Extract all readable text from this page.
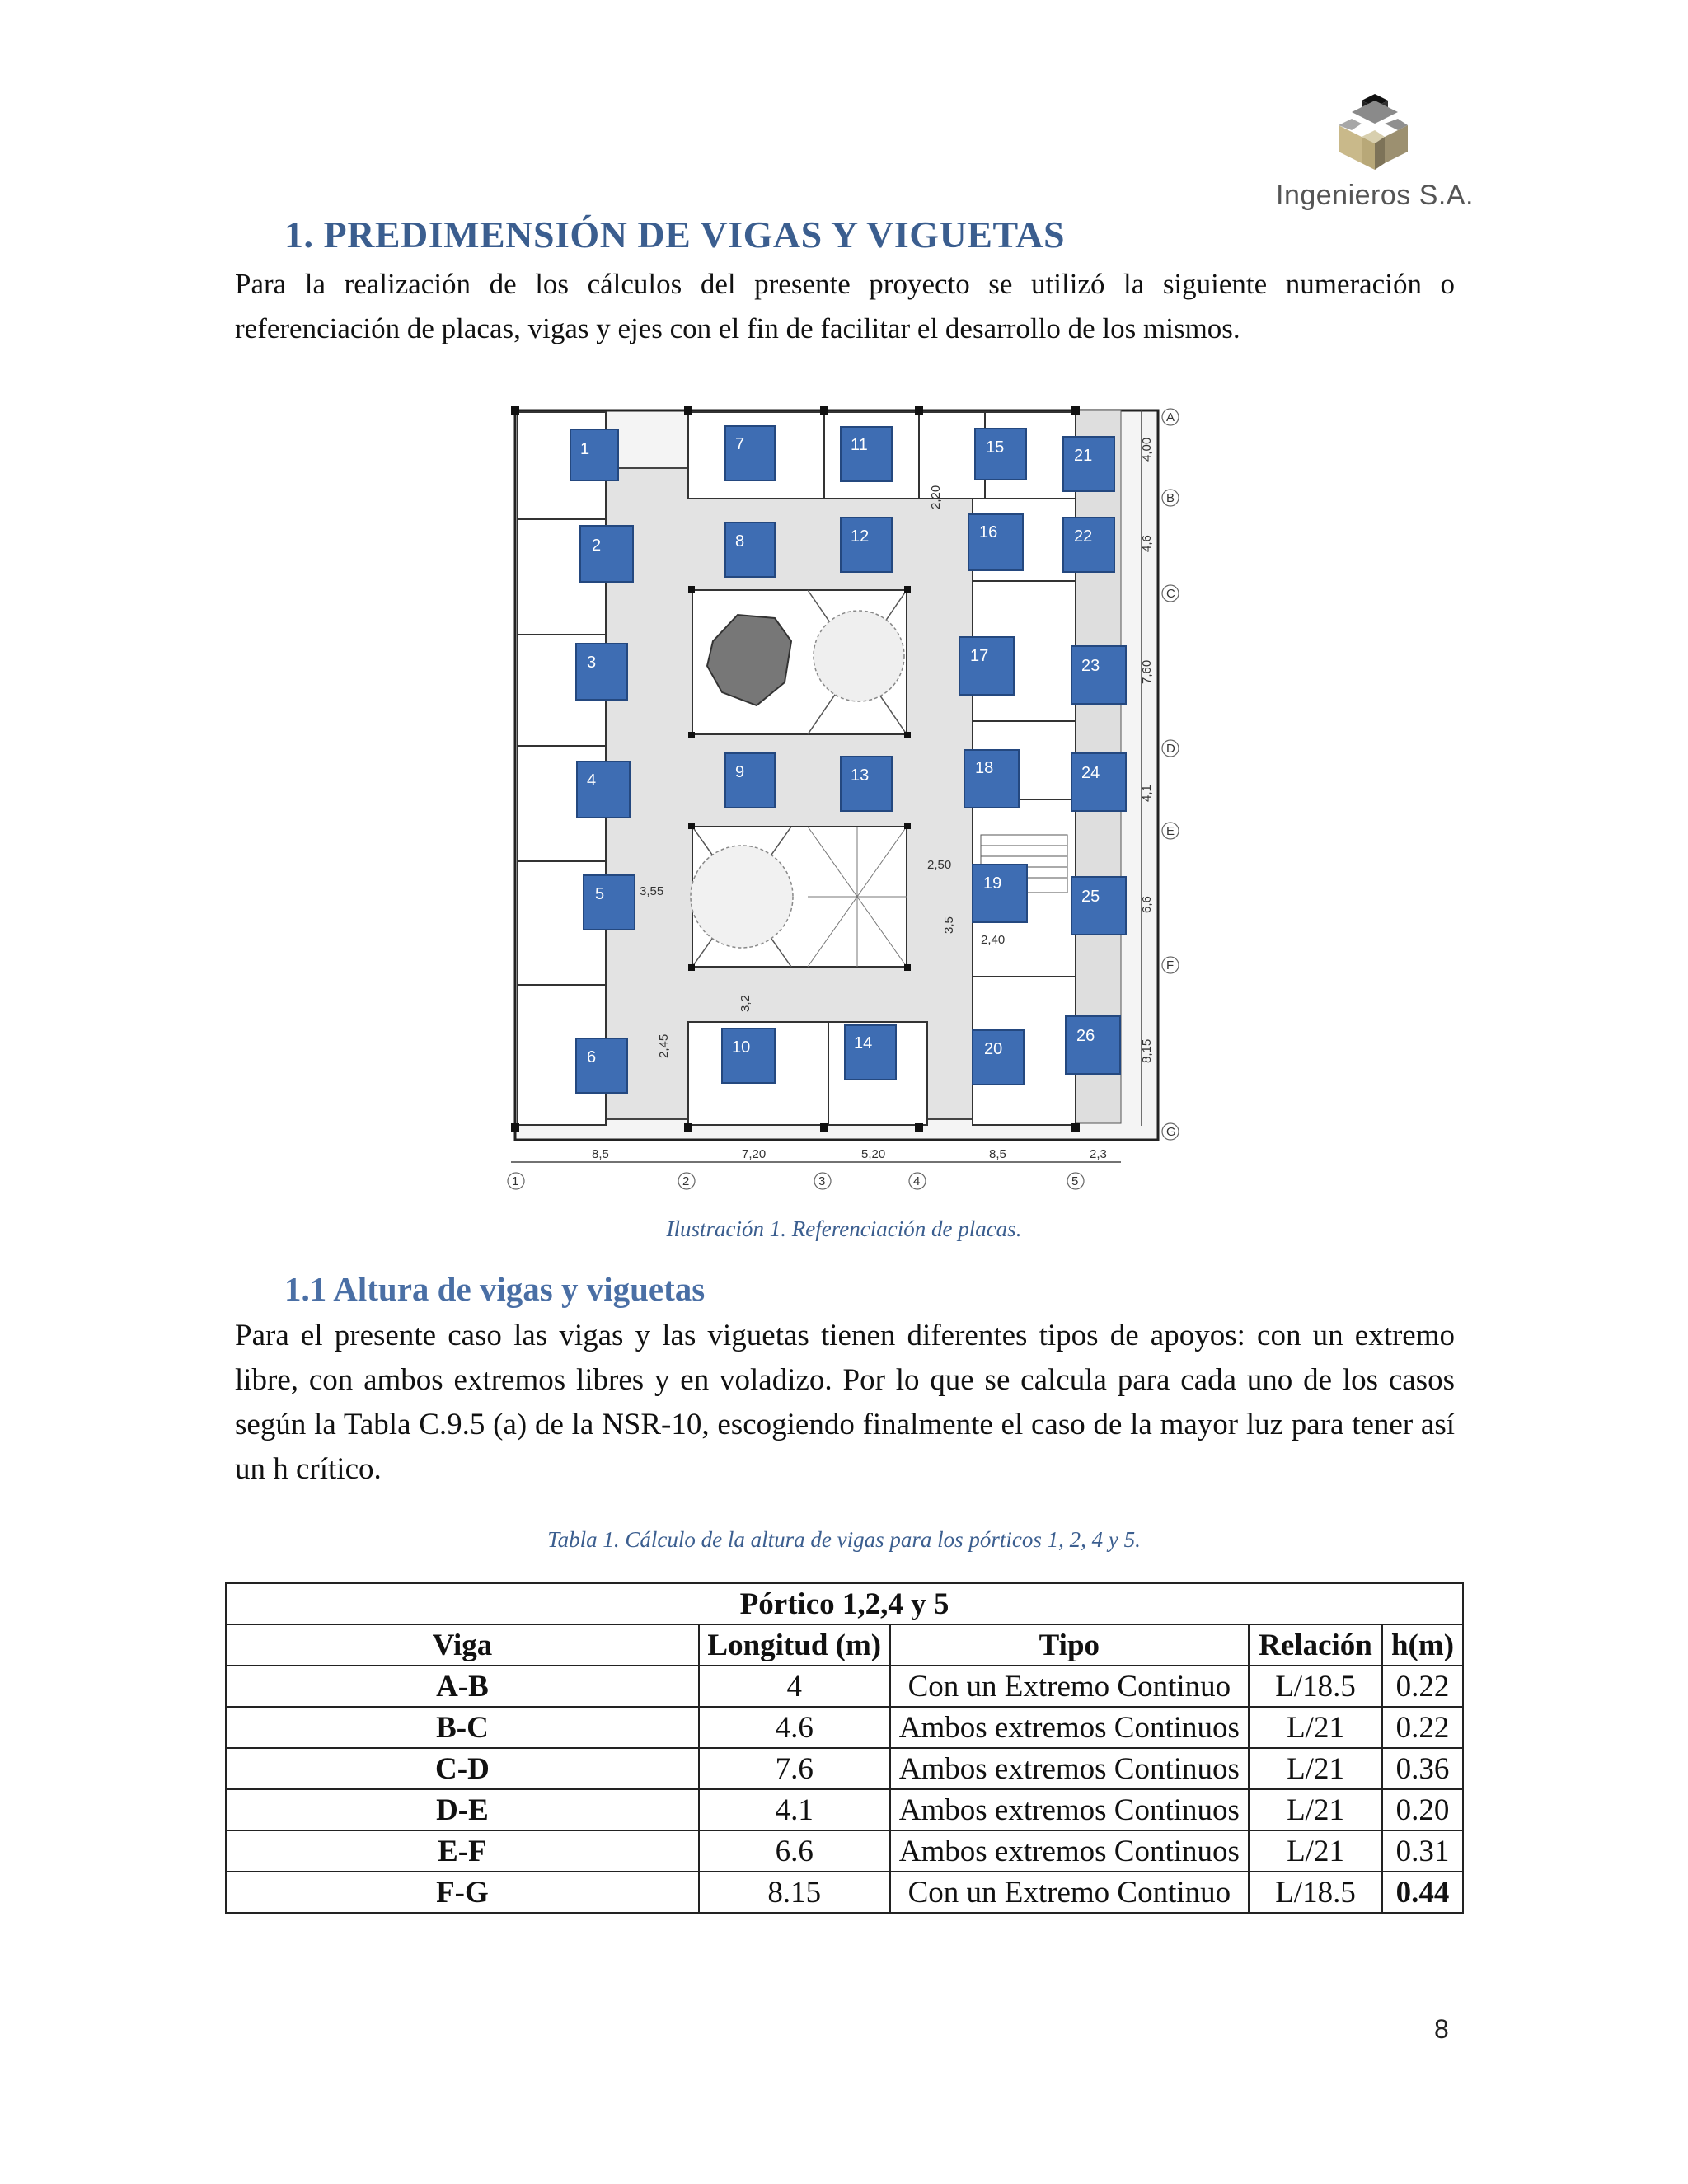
Ingenieros S.A.
1. PREDIMENSIÓN DE VIGAS Y VIGUETAS
Para la realización de los cálculos del presente proyecto se utilizó la siguiente numeración o referenciación de placas, vigas y ejes con el fin de facilitar el desarrollo de los mismos.
1
2
3
4
5
6
7
8
9
10
11
12
13
14
15
16
17
18
19
20
21
22
23
24
25
26
A
B
C
D
E
F
G
4,00
4,6
7,60
4,1
6,6
8,15
8,5	7,20	5,20	8,5	2,3
1	2	3	4	5
2,20
3,55
2,50
3,5
2,40
3,2
2,45
Ilustración 1. Referenciación de placas.
1.1 Altura de vigas y viguetas
Para el presente caso las vigas y las viguetas tienen diferentes tipos de apoyos: con un extremo libre, con ambos extremos libres y en voladizo. Por lo que se calcula para cada uno de los casos según la Tabla C.9.5 (a) de la NSR-10, escogiendo finalmente el caso de la mayor luz para tener así un h crítico.
Tabla 1. Cálculo de la altura de vigas para los pórticos 1, 2, 4 y 5.
Pórtico 1,2,4 y 5				
Viga	Longitud (m)	Tipo	Relación	h(m)
A-B	4	Con un Extremo Continuo	L/18.5	0.22
B-C	4.6	Ambos extremos Continuos	L/21	0.22
C-D	7.6	Ambos extremos Continuos	L/21	0.36
D-E	4.1	Ambos extremos Continuos	L/21	0.20
E-F	6.6	Ambos extremos Continuos	L/21	0.31
F-G	8.15	Con un Extremo Continuo	L/18.5	0.44
8
